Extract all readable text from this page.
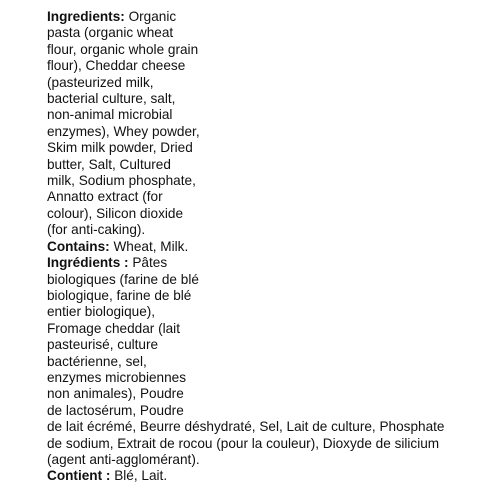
Ingredients: Organic
pasta (organic wheat
flour, organic whole grain
flour), Cheddar cheese
(pasteurized milk,
bacterial culture, salt,
non-animal microbial
enzymes), Whey powder,
Skim milk powder, Dried
butter, Salt, Cultured
milk, Sodium phosphate,
Annatto extract (for
colour), Silicon dioxide
(for anti-caking).
Contains: Wheat, Milk.
Ingrédients : Pâtes
biologiques (farine de blé
biologique, farine de blé
entier biologique),
Fromage cheddar (lait
pasteurisé, culture
bactérienne, sel,
enzymes microbiennes
non animales), Poudre
de lactosérum, Poudre
de lait écrémé, Beurre déshydraté, Sel, Lait de culture, Phosphate
de sodium, Extrait de rocou (pour la couleur), Dioxyde de silicium
(agent anti-agglomérant).
Contient : Blé, Lait.
